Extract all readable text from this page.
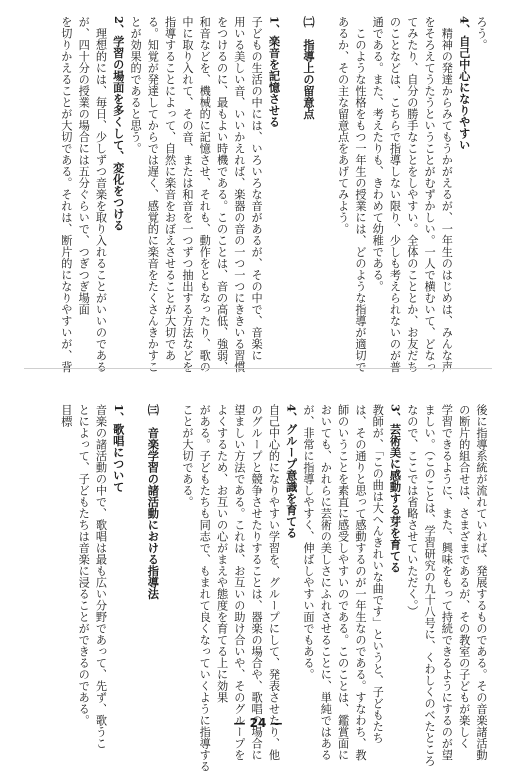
ろう。
4、自己中心になりやすい
　精神の発達からみてもうかがえるが、一年生のはじめは、みんな声
をそろえてうたうということがむずかしい。一人で横むいて、どなっ
てみたり、自分の勝手なことをしやすい。全体のこととか、お友だち
のことなどは、こちらで指導しない限り、少しも考えられないのが普
通である。また、考えたりも、きわめて幼稚である。
　このような性格をもつ一年生の授業には、どのような指導が適切で
あるか、その主な留意点をあげてみよう。

㈡　指導上の留意点

1、楽音を記憶させる
子どもの生活の中には、いろいろな音があるが、その中で、音楽に
用いる美しい音、いいかえれば、楽器の音の一つ一つにききいる習慣
をつけるのに、最もよい時機である。このことは、音の高低、強弱、
和音などを、機械的に記憶させ、それも、動作をともなったり、歌の
中に取り入れて、その音、または和音を一つずつ抽出する方法などを
指導することによって、自然に楽音をおぼえさせることが大切であ
る。知覚が発達してからでは遅く、感覚的に楽音をたくさんきかすこ
とが効果的であると思う。
2、学習の場面を多くして、変化をつける
　理想的には、毎日、少しずつ音楽を取り入れることがいいのである
が、四十分の授業の場合には五分ぐらいで、つぎつぎ場面
を切りかえることが大切である。それは、断片的になりやすいが、背
後に指導系統が流れていれば、発展するものである。その音楽諸活動
の断片的組合せは、さまざまであるが、その教室の子どもが楽しく
学習できるように、また、興味をもって持続できるようにするのが望
ましい。（このことは、学習研究の九十八号に、くわしくのべたところ
なので、ここでは省略させていただく。）
3、芸術美に感動する芽を育てる
教師が、「この曲は大へんきれいな曲です」というと、子どもたち
は、その通りと思って感動するのが一年生なのである。すなわち、教
師のいうことを素直に感受しやすいのである。このことは、鑑賞面に
おいても、かれらに芸術の美しさにふれさせることに、単純ではある
が、非常に指導しやすく、伸ばしやすい面でもある。
4、グループ意識を育てる
自己中心的になりやすい学習を、グループにして、発表させたり、他
のグループと競争させたりすることは、器楽の場合や、歌唱の場合に
望ましい方法である。これは、お互いの助け合いや、そのグループを
よくするため、お互いの心がまえや態度を育てる上に効果
がある。子どもたちも同志で、もまれて良くなっていくように指導する
ことが大切である。

㈢　音楽学習の諸活動における指導法

1、歌唱について
音楽の諸活動の中で、歌唱は最も広い分野であって、先ず、歌うこ
とによって、子どもたちは音楽に浸ることができるのである。
目標
— 24 —
